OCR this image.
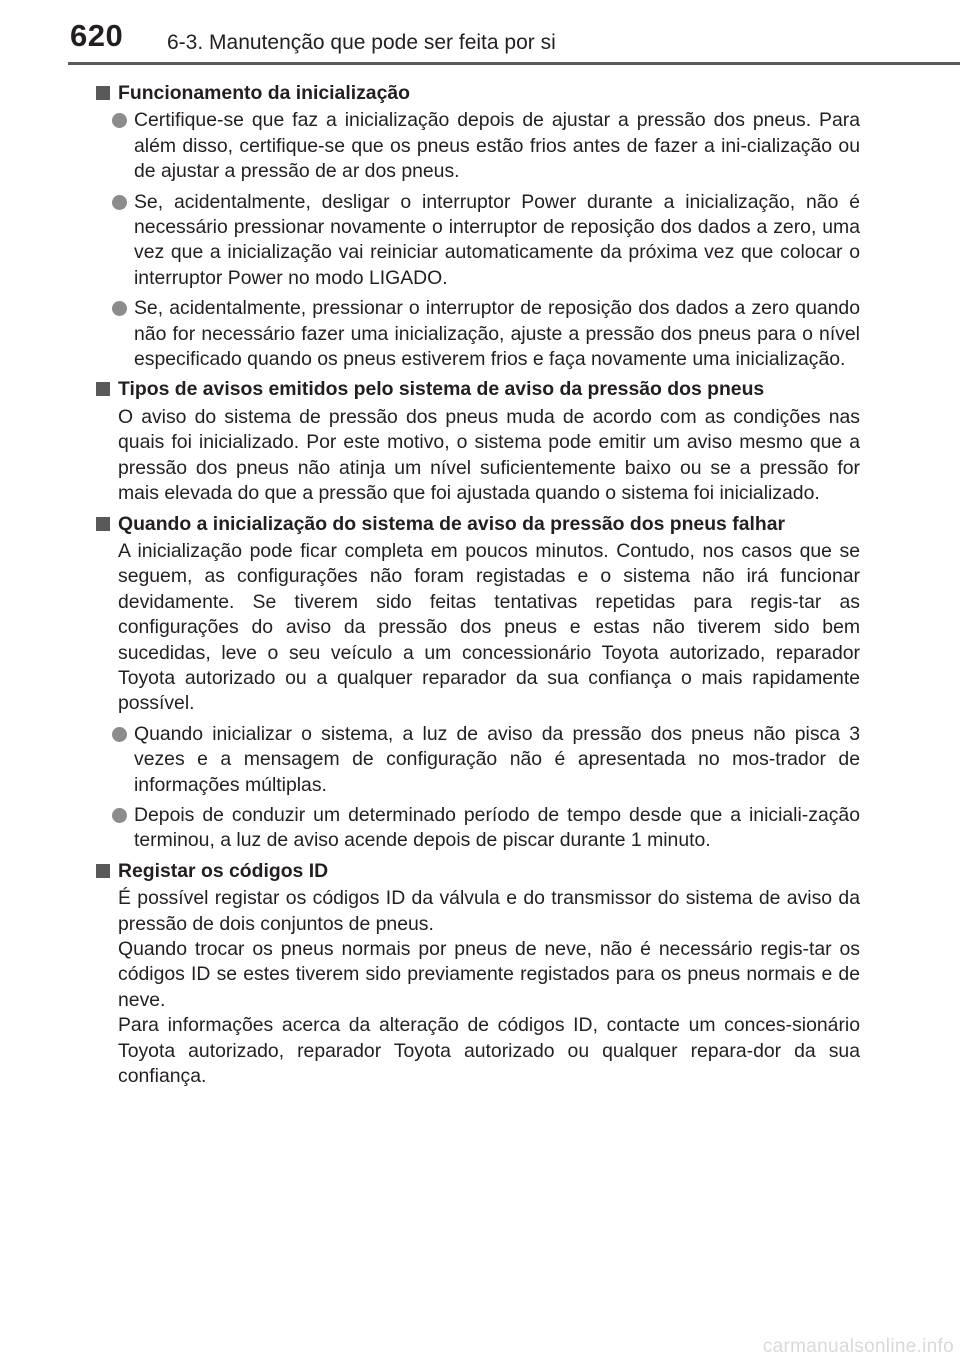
620 6-3. Manutenção que pode ser feita por si
Funcionamento da inicialização
Certifique-se que faz a inicialização depois de ajustar a pressão dos pneus. Para além disso, certifique-se que os pneus estão frios antes de fazer a ini-cialização ou de ajustar a pressão de ar dos pneus.
Se, acidentalmente, desligar o interruptor Power durante a inicialização, não é necessário pressionar novamente o interruptor de reposição dos dados a zero, uma vez que a inicialização vai reiniciar automaticamente da próxima vez que colocar o interruptor Power no modo LIGADO.
Se, acidentalmente, pressionar o interruptor de reposição dos dados a zero quando não for necessário fazer uma inicialização, ajuste a pressão dos pneus para o nível especificado quando os pneus estiverem frios e faça novamente uma inicialização.
Tipos de avisos emitidos pelo sistema de aviso da pressão dos pneus

O aviso do sistema de pressão dos pneus muda de acordo com as condições nas quais foi inicializado. Por este motivo, o sistema pode emitir um aviso mesmo que a pressão dos pneus não atinja um nível suficientemente baixo ou se a pressão for mais elevada do que a pressão que foi ajustada quando o sistema foi inicializado.

Quando a inicialização do sistema de aviso da pressão dos pneus falhar

A inicialização pode ficar completa em poucos minutos. Contudo, nos casos que se seguem, as configurações não foram registadas e o sistema não irá funcionar devidamente. Se tiverem sido feitas tentativas repetidas para regis-tar as configurações do aviso da pressão dos pneus e estas não tiverem sido bem sucedidas, leve o seu veículo a um concessionário Toyota autorizado, reparador Toyota autorizado ou a qualquer reparador da sua confiança o mais rapidamente possível.

Quando inicializar o sistema, a luz de aviso da pressão dos pneus não pisca 3 vezes e a mensagem de configuração não é apresentada no mos-trador de informações múltiplas.
Depois de conduzir um determinado período de tempo desde que a iniciali-zação terminou, a luz de aviso acende depois de piscar durante 1 minuto.
Registar os códigos ID

É possível registar os códigos ID da válvula e do transmissor do sistema de aviso da pressão de dois conjuntos de pneus.

Quando trocar os pneus normais por pneus de neve, não é necessário regis-tar os códigos ID se estes tiverem sido previamente registados para os pneus normais e de neve.

Para informações acerca da alteração de códigos ID, contacte um conces-sionário Toyota autorizado, reparador Toyota autorizado ou qualquer repara-dor da sua confiança.

carmanualsonline.info
